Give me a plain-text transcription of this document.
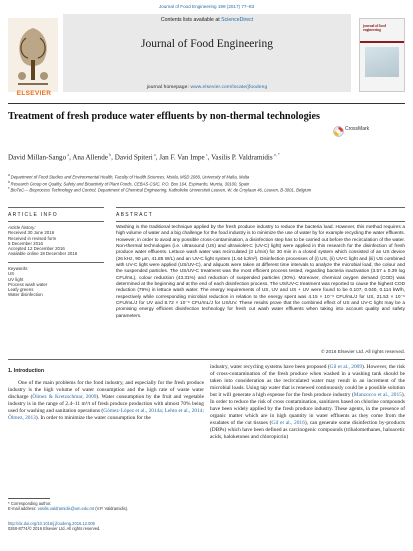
Journal of Food Engineering 199 (2017) 77–83
ELSEVIER
Contents lists available at ScienceDirect
Journal of Food Engineering
journal homepage: www.elsevier.com/locate/jfoodeng
journal of food engineering
Treatment of fresh produce water effluents by non-thermal technologies
CrossMark
David Millan-Sango $^a$, Ana Allende $^b$, David Spiteri $^a$, Jan F. Van Impe $^c$, Vasilis P. Valdramidis $^{a, *}$
$^a$ Department of Food Studies and Environmental Health, Faculty of Health Sciences, Msida, MSD 2080, University of Malta, Malta
$^b$ Research Group on Quality, Safety and Bioactivity of Plant Foods, CEBAS-CSIC, P.O. Box 164, Espinardo, Murcia, 30100, Spain
$^c$ BioTeC— Bioprocess Technology and Control, Department of Chemical Engineering, Katholieke Universiteit Leuven, W. de Croylaan 46, Leuven, B-3001, Belgium
ARTICLE INFO	ABSTRACT
Article history:
Received 30 June 2016
Received in revised form
5 December 2016
Accepted 12 December 2016
Available online 18 December 2016
Keywords:
US
UV light
Process wash water
Leafy greens
Water disinfection
Washing is the traditional technique applied by the fresh produce industry to reduce the bacteria load. However, this method requires a high volume of water and a big challenge for the food industry is to minimize the use of water by for example recycling the water effluents. However, in order to avoid any possible cross-contamination, a disinfection step has to be carried out before the recirculation of the water. Non-thermal technologies (i.e. ultrasound (US) and ultraviolet-C (UV-C) light) were applied in this research for the disinfection of fresh produce water effluents. Lettuce wash water was recirculated (3 L/min) for 30 min in a closed system which consisted of an US device (26 kHz, 90 μm, 41.85 W/L) and an UV-C light system (1.64 kJ/m²). Disinfection processes of (i) US, (ii) UV-C light and (iii) US combined with UV-C light were applied (US/UV-C), and aliquots were taken at different time intervals to analyze the microbial load, the colour and the suspended particles. The US/UV-C treatment was the most efficient process tested, regarding bacteria inactivation (3.57 ± 0.39 log CFU/mL), colour reduction (43.31%) and reduction of suspended particles (30%). Moreover, chemical oxygen demand (COD) was determined at the beginning and at the end of each disinfection process. The US/UV-C treatment was reported to cause the highest COD reduction (79%) in lettuce wash water. The energy requirements of US, UV and US + UV were found to be 0.107, 0.040, 0.114 kW/h, respectively while corresponding microbial reduction in relation to the energy spent was 4.15 × 10⁻⁶ CFU/mL/J for US, 21.53 × 10⁻⁶ CFU/mL/J for UV and 8.72 × 10⁻⁶ CFU/mL/J for US/UV. These results prove that the combined effect of US and UV-C light may be a promising energy efficient disinfection technology for fresh cut wash water effluents when taking into account quality and safety parameters.
© 2016 Elsevier Ltd. All rights reserved.
1. Introduction
One of the main problems for the food industry, and especially for the fresh produce industry is the high volume of water consumption and the high rate of waste water discharge (Ölmez & Kretzschmar, 2009). Water consumption by the fruit and vegetable industry is in the range of 2.4–11 m³/t of fresh produce production with almost 70% being used for washing and sanitation operations (Gómez-López et al., 2014a; Lehto et al., 2014; Ölmez, 2013). In order to minimize the water consumption for the
industry, water recycling systems have been proposed (Gil et al., 2009). However, the risk of cross-contamination of the fresh produce when washed in a washing tank should be taken into consideration as the recirculated water may result in an increment of the microbial loads. Using tap water that is renewed continuously could be a possible solution but it will generate a high expense for the fresh produce industry (Manzocco et al., 2015). In order to reduce the risk of cross contamination, sanitizers based on chlorine compounds have been widely applied by the fresh produce industry. These agents, in the presence of organic matter which are in high quantity in water effluents as they come from the exudates of the cut tissues (Gil et al., 2016), can generate some disinfection by-products (DBPs) which have been defined as carcinogenic compounds (trihalomethanes, haloacetic acids, haloketones and chloropicrin)
* Corresponding author.
E-mail address: vasilis.valdramidis@um.edu.mt (V.P. Valdramidis).
http://dx.doi.org/10.1016/j.jfoodeng.2016.12.006
0260-8774/© 2016 Elsevier Ltd. All rights reserved.
